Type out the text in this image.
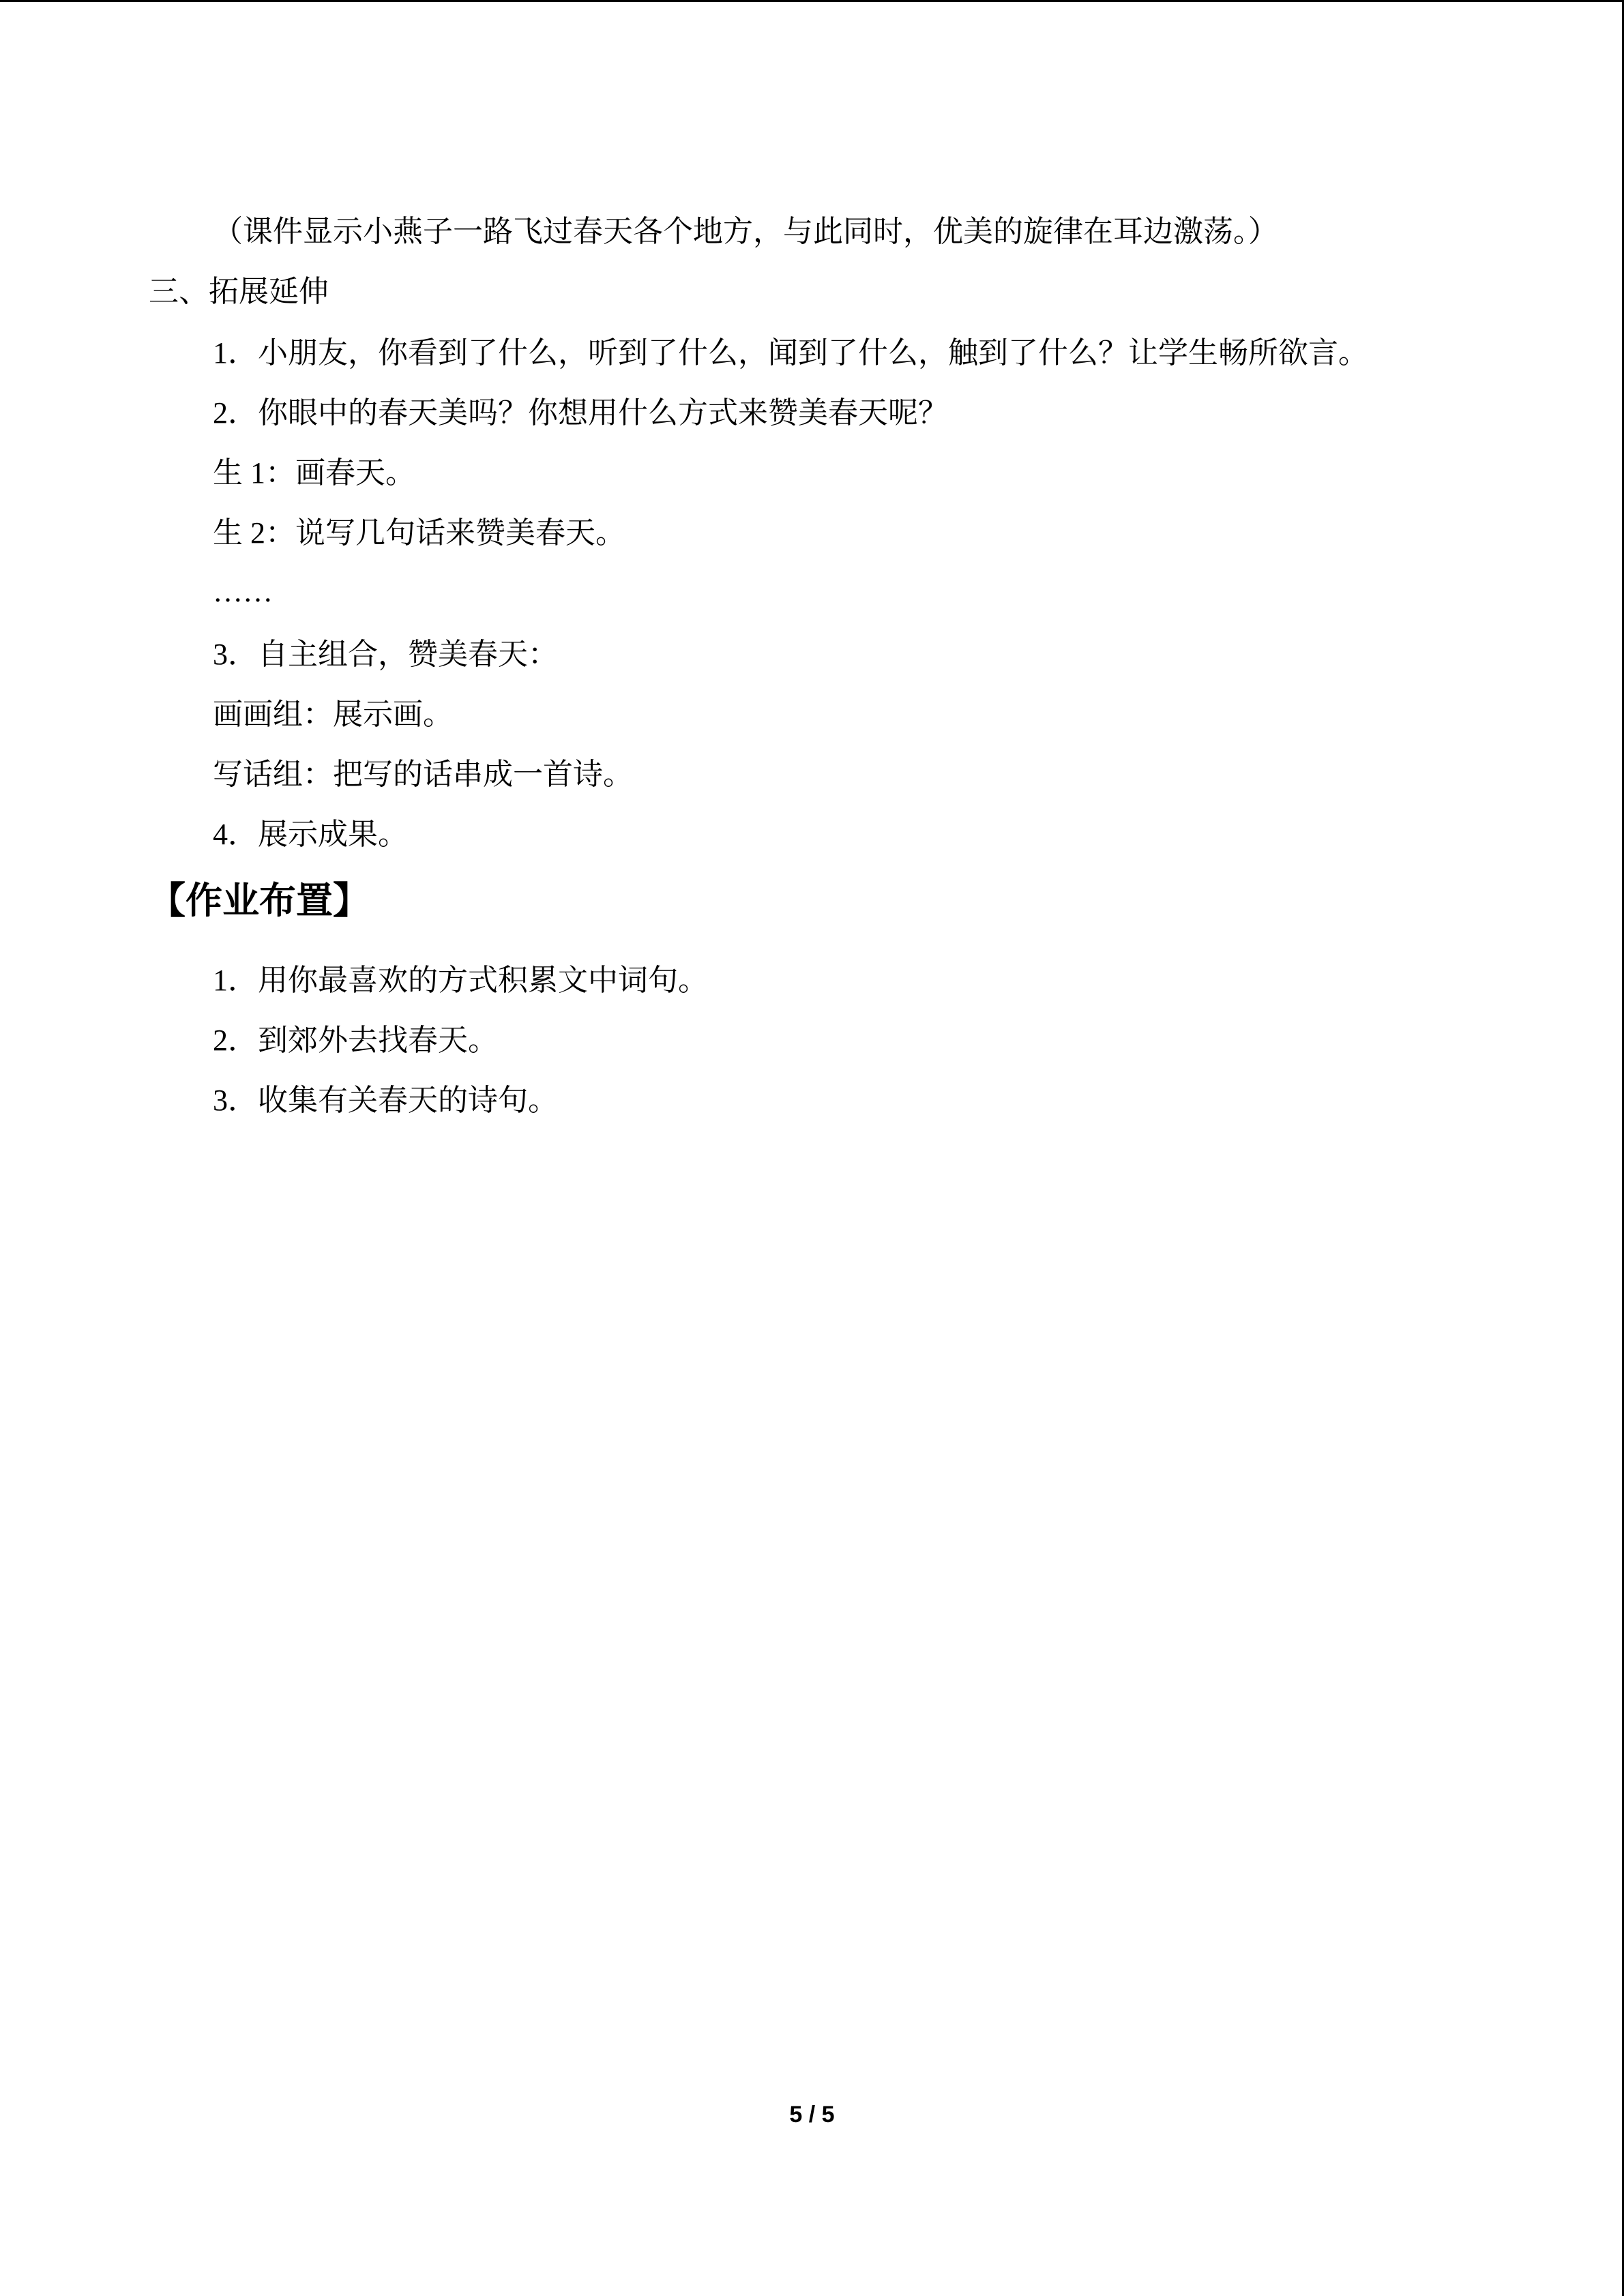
（课件显示小燕子一路飞过春天各个地方，与此同时，优美的旋律在耳边激荡。）
三、拓展延伸
1．小朋友，你看到了什么，听到了什么，闻到了什么，触到了什么？让学生畅所欲言。
2．你眼中的春天美吗？你想用什么方式来赞美春天呢？
生 1：画春天。
生 2：说写几句话来赞美春天。
……
3．自主组合，赞美春天：
画画组：展示画。
写话组：把写的话串成一首诗。
4．展示成果。
【作业布置】
1．用你最喜欢的方式积累文中词句。
2．到郊外去找春天。
3．收集有关春天的诗句。
5 / 5
